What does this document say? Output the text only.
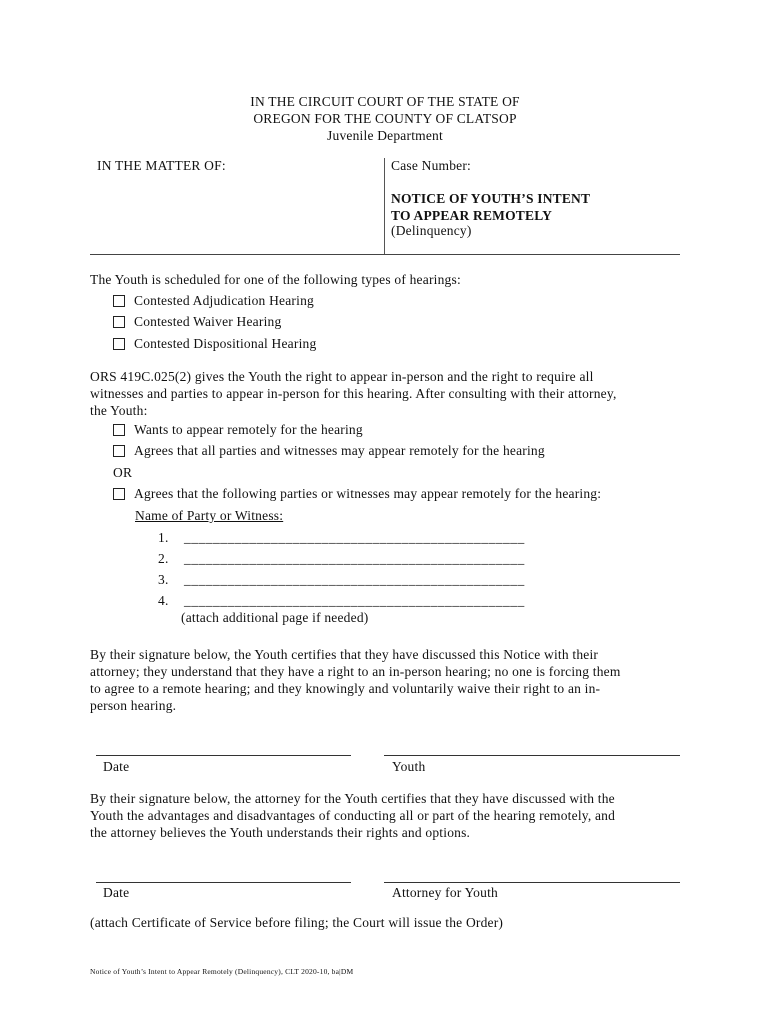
IN THE CIRCUIT COURT OF THE STATE OF
OREGON FOR THE COUNTY OF CLATSOP
Juvenile Department
IN THE MATTER OF:	Case Number:
NOTICE OF YOUTH’S INTENT
TO APPEAR REMOTELY
(Delinquency)
The Youth is scheduled for one of the following types of hearings:
Contested Adjudication Hearing
Contested Waiver Hearing
Contested Dispositional Hearing
ORS 419C.025(2) gives the Youth the right to appear in-person and the right to require all
witnesses and parties to appear in-person for this hearing. After consulting with their attorney,
the Youth:
Wants to appear remotely for the hearing
Agrees that all parties and witnesses may appear remotely for the hearing
OR
Agrees that the following parties or witnesses may appear remotely for the hearing:
Name of Party or Witness:
1. _______________________________________________
2. _______________________________________________
3. _______________________________________________
4. _______________________________________________
(attach additional page if needed)
By their signature below, the Youth certifies that they have discussed this Notice with their
attorney; they understand that they have a right to an in-person hearing; no one is forcing them
to agree to a remote hearing; and they knowingly and voluntarily waive their right to an in-
person hearing.
Date	Youth
By their signature below, the attorney for the Youth certifies that they have discussed with the
Youth the advantages and disadvantages of conducting all or part of the hearing remotely, and
the attorney believes the Youth understands their rights and options.
Date	Attorney for Youth
(attach Certificate of Service before filing; the Court will issue the Order)
Notice of Youth’s Intent to Appear Remotely (Delinquency), CLT 2020-10, ba|DM
